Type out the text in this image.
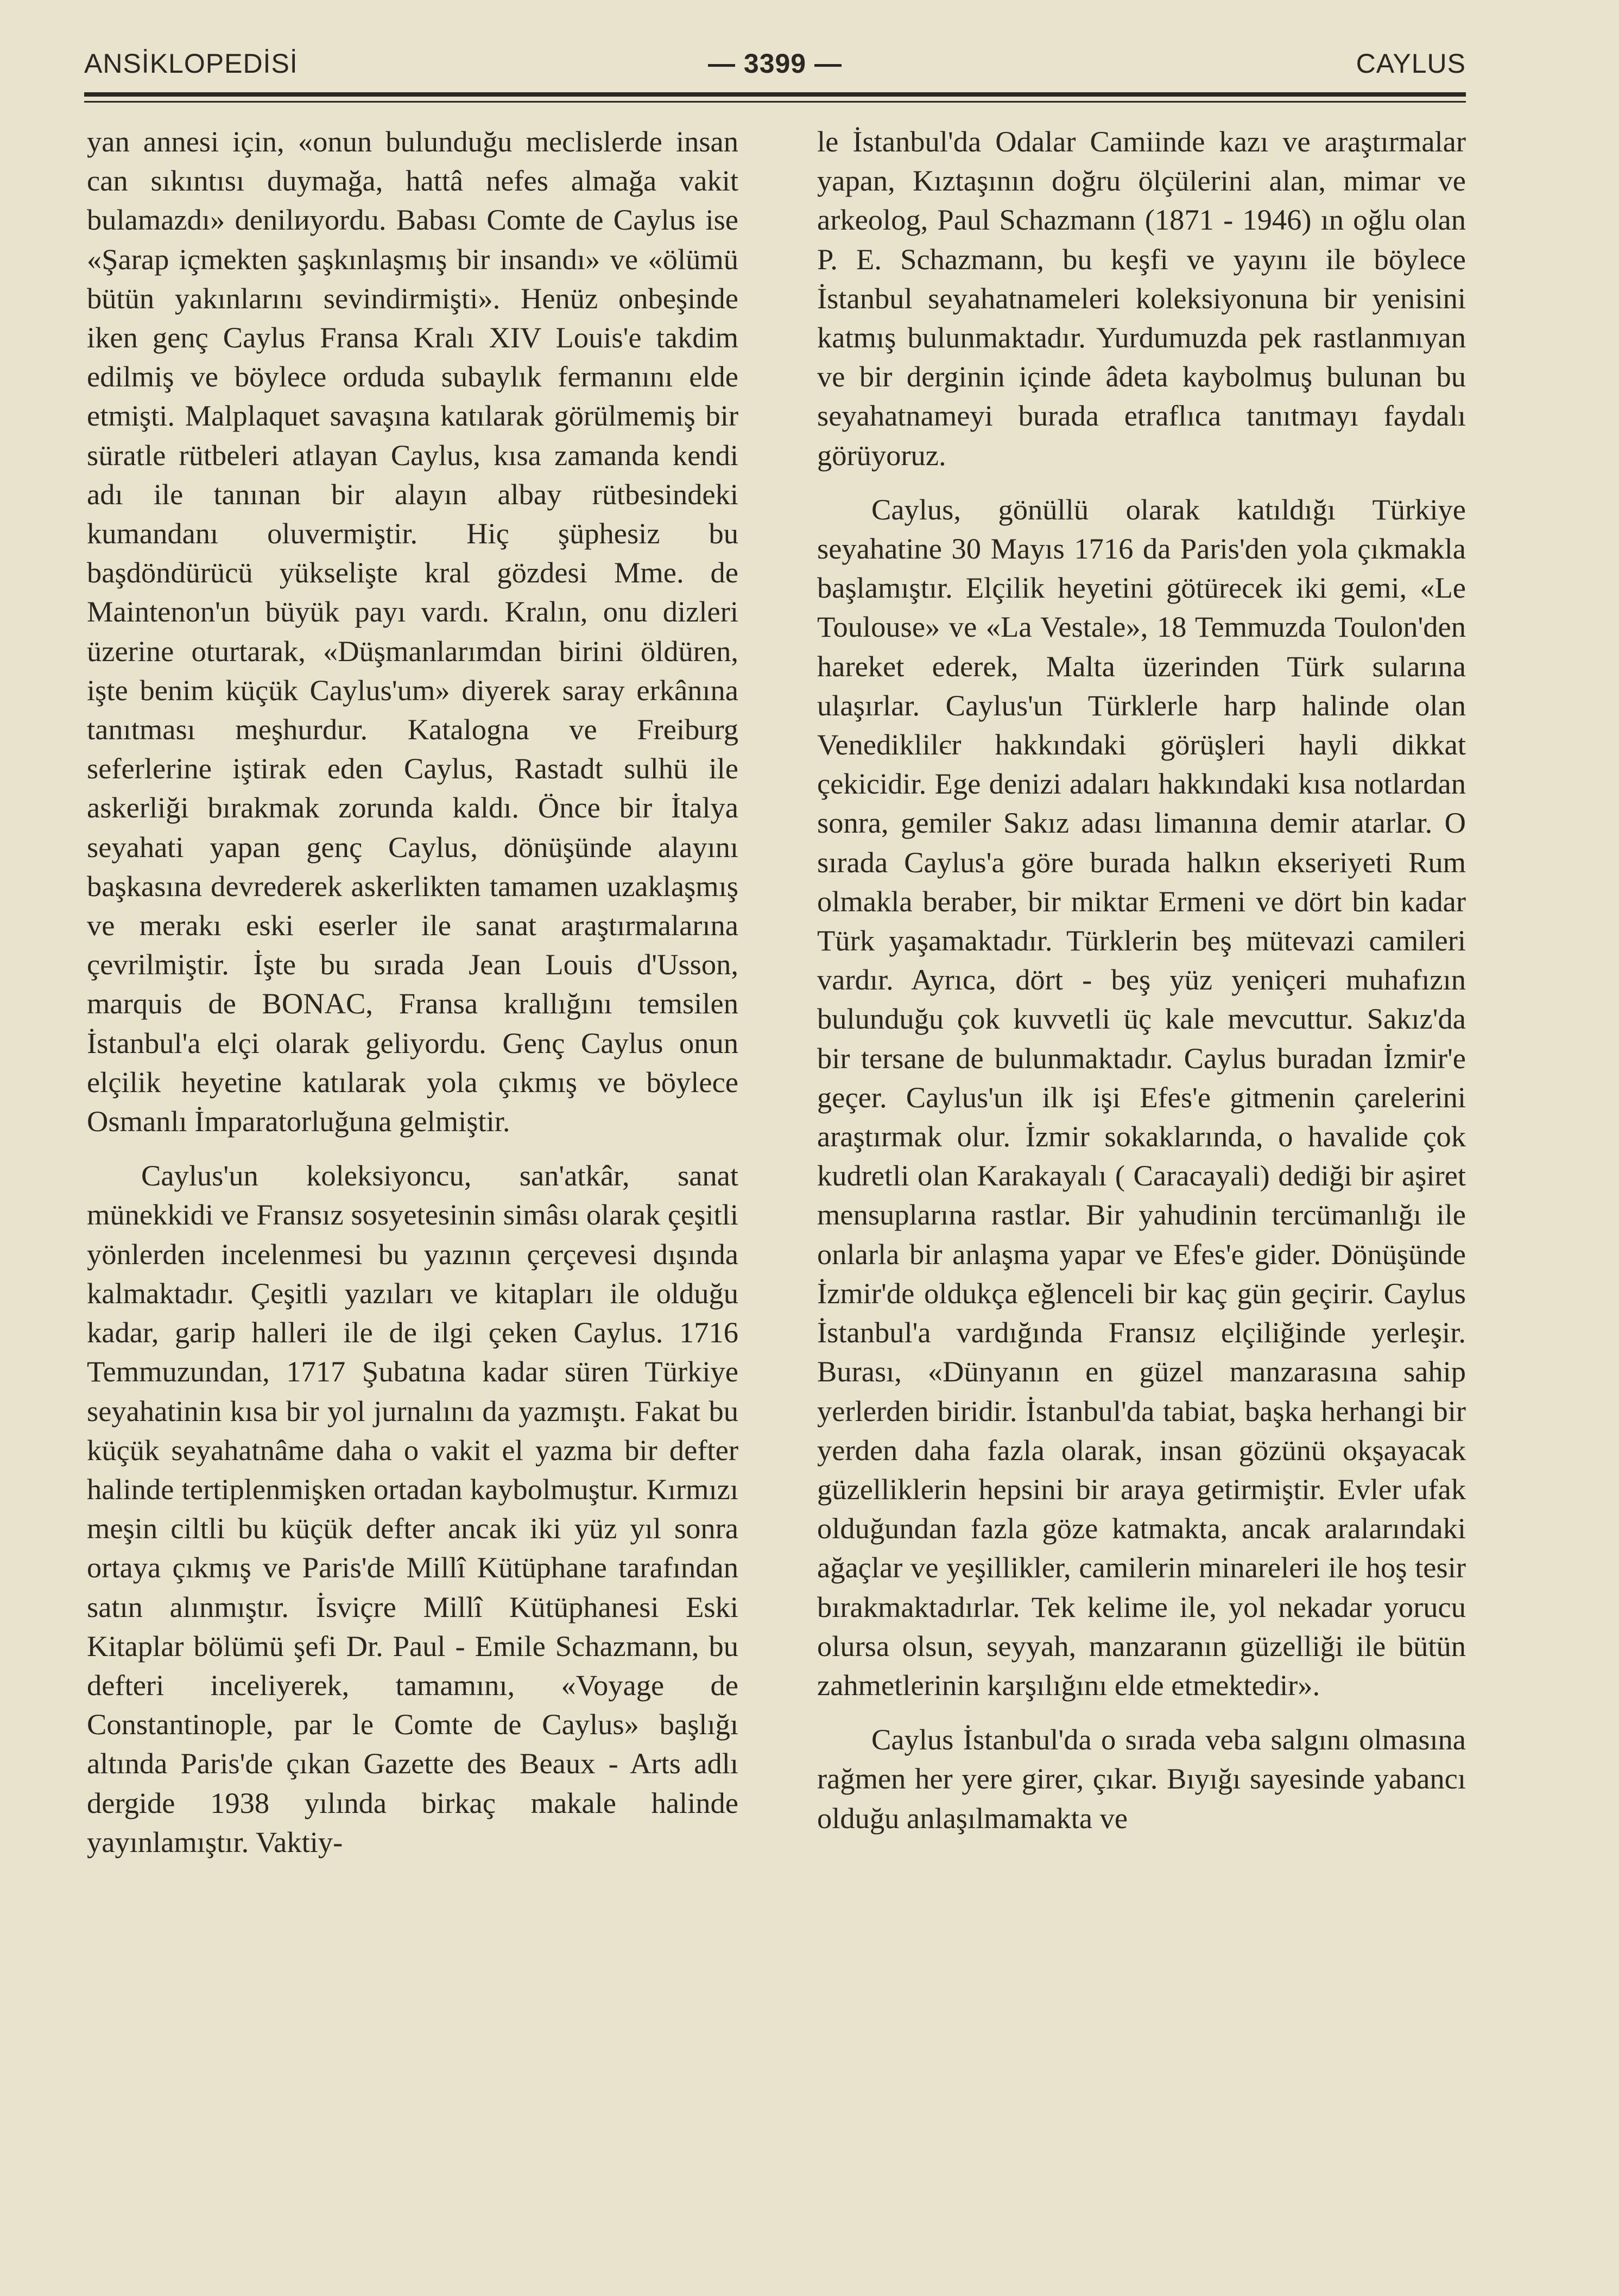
ANSİKLOPEDİSİ	— 3399 —	CAYLUS

yan annesi için, «onun bulunduğu meclislerde insan can sıkıntısı duymağa, hattâ nefes almağa vakit bulamazdı» denilиyordu. Babası Comte de Caylus ise «Şarap içmekten şaşkınlaşmış bir insandı» ve «ölümü bütün yakınlarını sevindirmişti». Henüz onbeşinde iken genç Caylus Fransa Kralı XIV Louis'e takdim edilmiş ve böylece orduda subaylık fermanını elde etmişti. Malplaquet savaşına katılarak görülmemiş bir süratle rütbeleri atlayan Caylus, kısa zamanda kendi adı ile tanınan bir alayın albay rütbesindeki kumandanı oluvermiştir. Hiç şüphesiz bu başdöndürücü yükselişte kral gözdesi Mme. de Maintenon'un büyük payı vardı. Kralın, onu dizleri üzerine oturtarak, «Düşmanlarımdan birini öldüren, işte benim küçük Caylus'um» diyerek saray erkânına tanıtması meşhurdur. Katalogna ve Freiburg seferlerine iştirak eden Caylus, Rastadt sulhü ile askerliği bırakmak zorunda kaldı. Önce bir İtalya seyahati yapan genç Caylus, dönüşünde alayını başkasına devrederek askerlikten tamamen uzaklaşmış ve merakı eski eserler ile sanat araştırmalarına çevrilmiştir. İşte bu sırada Jean Louis d'Usson, marquis de BONAC, Fransa krallığını temsilen İstanbul'a elçi olarak geliyordu. Genç Caylus onun elçilik heyetine katılarak yola çıkmış ve böylece Osmanlı İmparatorluğuna gelmiştir.

Caylus'un koleksiyoncu, san'atkâr, sanat münekkidi ve Fransız sosyetesinin simâsı olarak çeşitli yönlerden incelenmesi bu yazının çerçevesi dışında kalmaktadır. Çeşitli yazıları ve kitapları ile olduğu kadar, garip halleri ile de ilgi çeken Caylus. 1716 Temmuzundan, 1717 Şubatına kadar süren Türkiye seyahatinin kısa bir yol jurnalını da yazmıştı. Fakat bu küçük seyahatnâme daha o vakit el yazma bir defter halinde tertiplenmişken ortadan kaybolmuştur. Kırmızı meşin ciltli bu küçük defter ancak iki yüz yıl sonra ortaya çıkmış ve Paris'de Millî Kütüphane tarafından satın alınmıştır. İsviçre Millî Kütüphanesi Eski Kitaplar bölümü şefi Dr. Paul - Emile Schazmann, bu defteri inceliyerek, tamamını, «Voyage de Constantinople, par le Comte de Caylus» başlığı altında Paris'de çıkan Gazette des Beaux - Arts adlı dergide 1938 yılında birkaç makale halinde yayınlamıştır. Vaktiy-

le İstanbul'da Odalar Camiinde kazı ve araştırmalar yapan, Kıztaşının doğru ölçülerini alan, mimar ve arkeolog, Paul Schazmann (1871 - 1946) ın oğlu olan P. E. Schazmann, bu keşfi ve yayını ile böylece İstanbul seyahatnameleri koleksiyonuna bir yenisini katmış bulunmaktadır. Yurdumuzda pek rastlanmıyan ve bir derginin içinde âdeta kaybolmuş bulunan bu seyahatnameyi burada etraflıca tanıtmayı faydalı görüyoruz.

Caylus, gönüllü olarak katıldığı Türkiye seyahatine 30 Mayıs 1716 da Paris'den yola çıkmakla başlamıştır. Elçilik heyetini götürecek iki gemi, «Le Toulouse» ve «La Vestale», 18 Temmuzda Toulon'den hareket ederek, Malta üzerinden Türk sularına ulaşırlar. Caylus'un Türklerle harp halinde olan Venediklilєr hakkındaki görüşleri hayli dikkat çekicidir. Ege denizi adaları hakkındaki kısa notlardan sonra, gemiler Sakız adası limanına demir atarlar. O sırada Caylus'a göre burada halkın ekseriyeti Rum olmakla beraber, bir miktar Ermeni ve dört bin kadar Türk yaşamaktadır. Türklerin beş mütevazi camileri vardır. Ayrıca, dört - beş yüz yeniçeri muhafızın bulunduğu çok kuvvetli üç kale mevcuttur. Sakız'da bir tersane de bulunmaktadır. Caylus buradan İzmir'e geçer. Caylus'un ilk işi Efes'e gitmenin çarelerini araştırmak olur. İzmir sokaklarında, o havalide çok kudretli olan Karakayalı ( Caracayali) dediği bir aşiret mensuplarına rastlar. Bir yahudinin tercümanlığı ile onlarla bir anlaşma yapar ve Efes'e gider. Dönüşünde İzmir'de oldukça eğlenceli bir kaç gün geçirir. Caylus İstanbul'a vardığında Fransız elçiliğinde yerleşir. Burası, «Dünyanın en güzel manzarasına sahip yerlerden biridir. İstanbul'da tabiat, başka herhangi bir yerden daha fazla olarak, insan gözünü okşayacak güzelliklerin hepsini bir araya getirmiştir. Evler ufak olduğundan fazla göze katmakta, ancak aralarındaki ağaçlar ve yeşillikler, camilerin minareleri ile hoş tesir bırakmaktadırlar. Tek kelime ile, yol nekadar yorucu olursa olsun, seyyah, manzaranın güzelliği ile bütün zahmetlerinin karşılığını elde etmektedir».

Caylus İstanbul'da o sırada veba salgını olmasına rağmen her yere girer, çıkar. Bıyığı sayesinde yabancı olduğu anlaşılmamakta ve
